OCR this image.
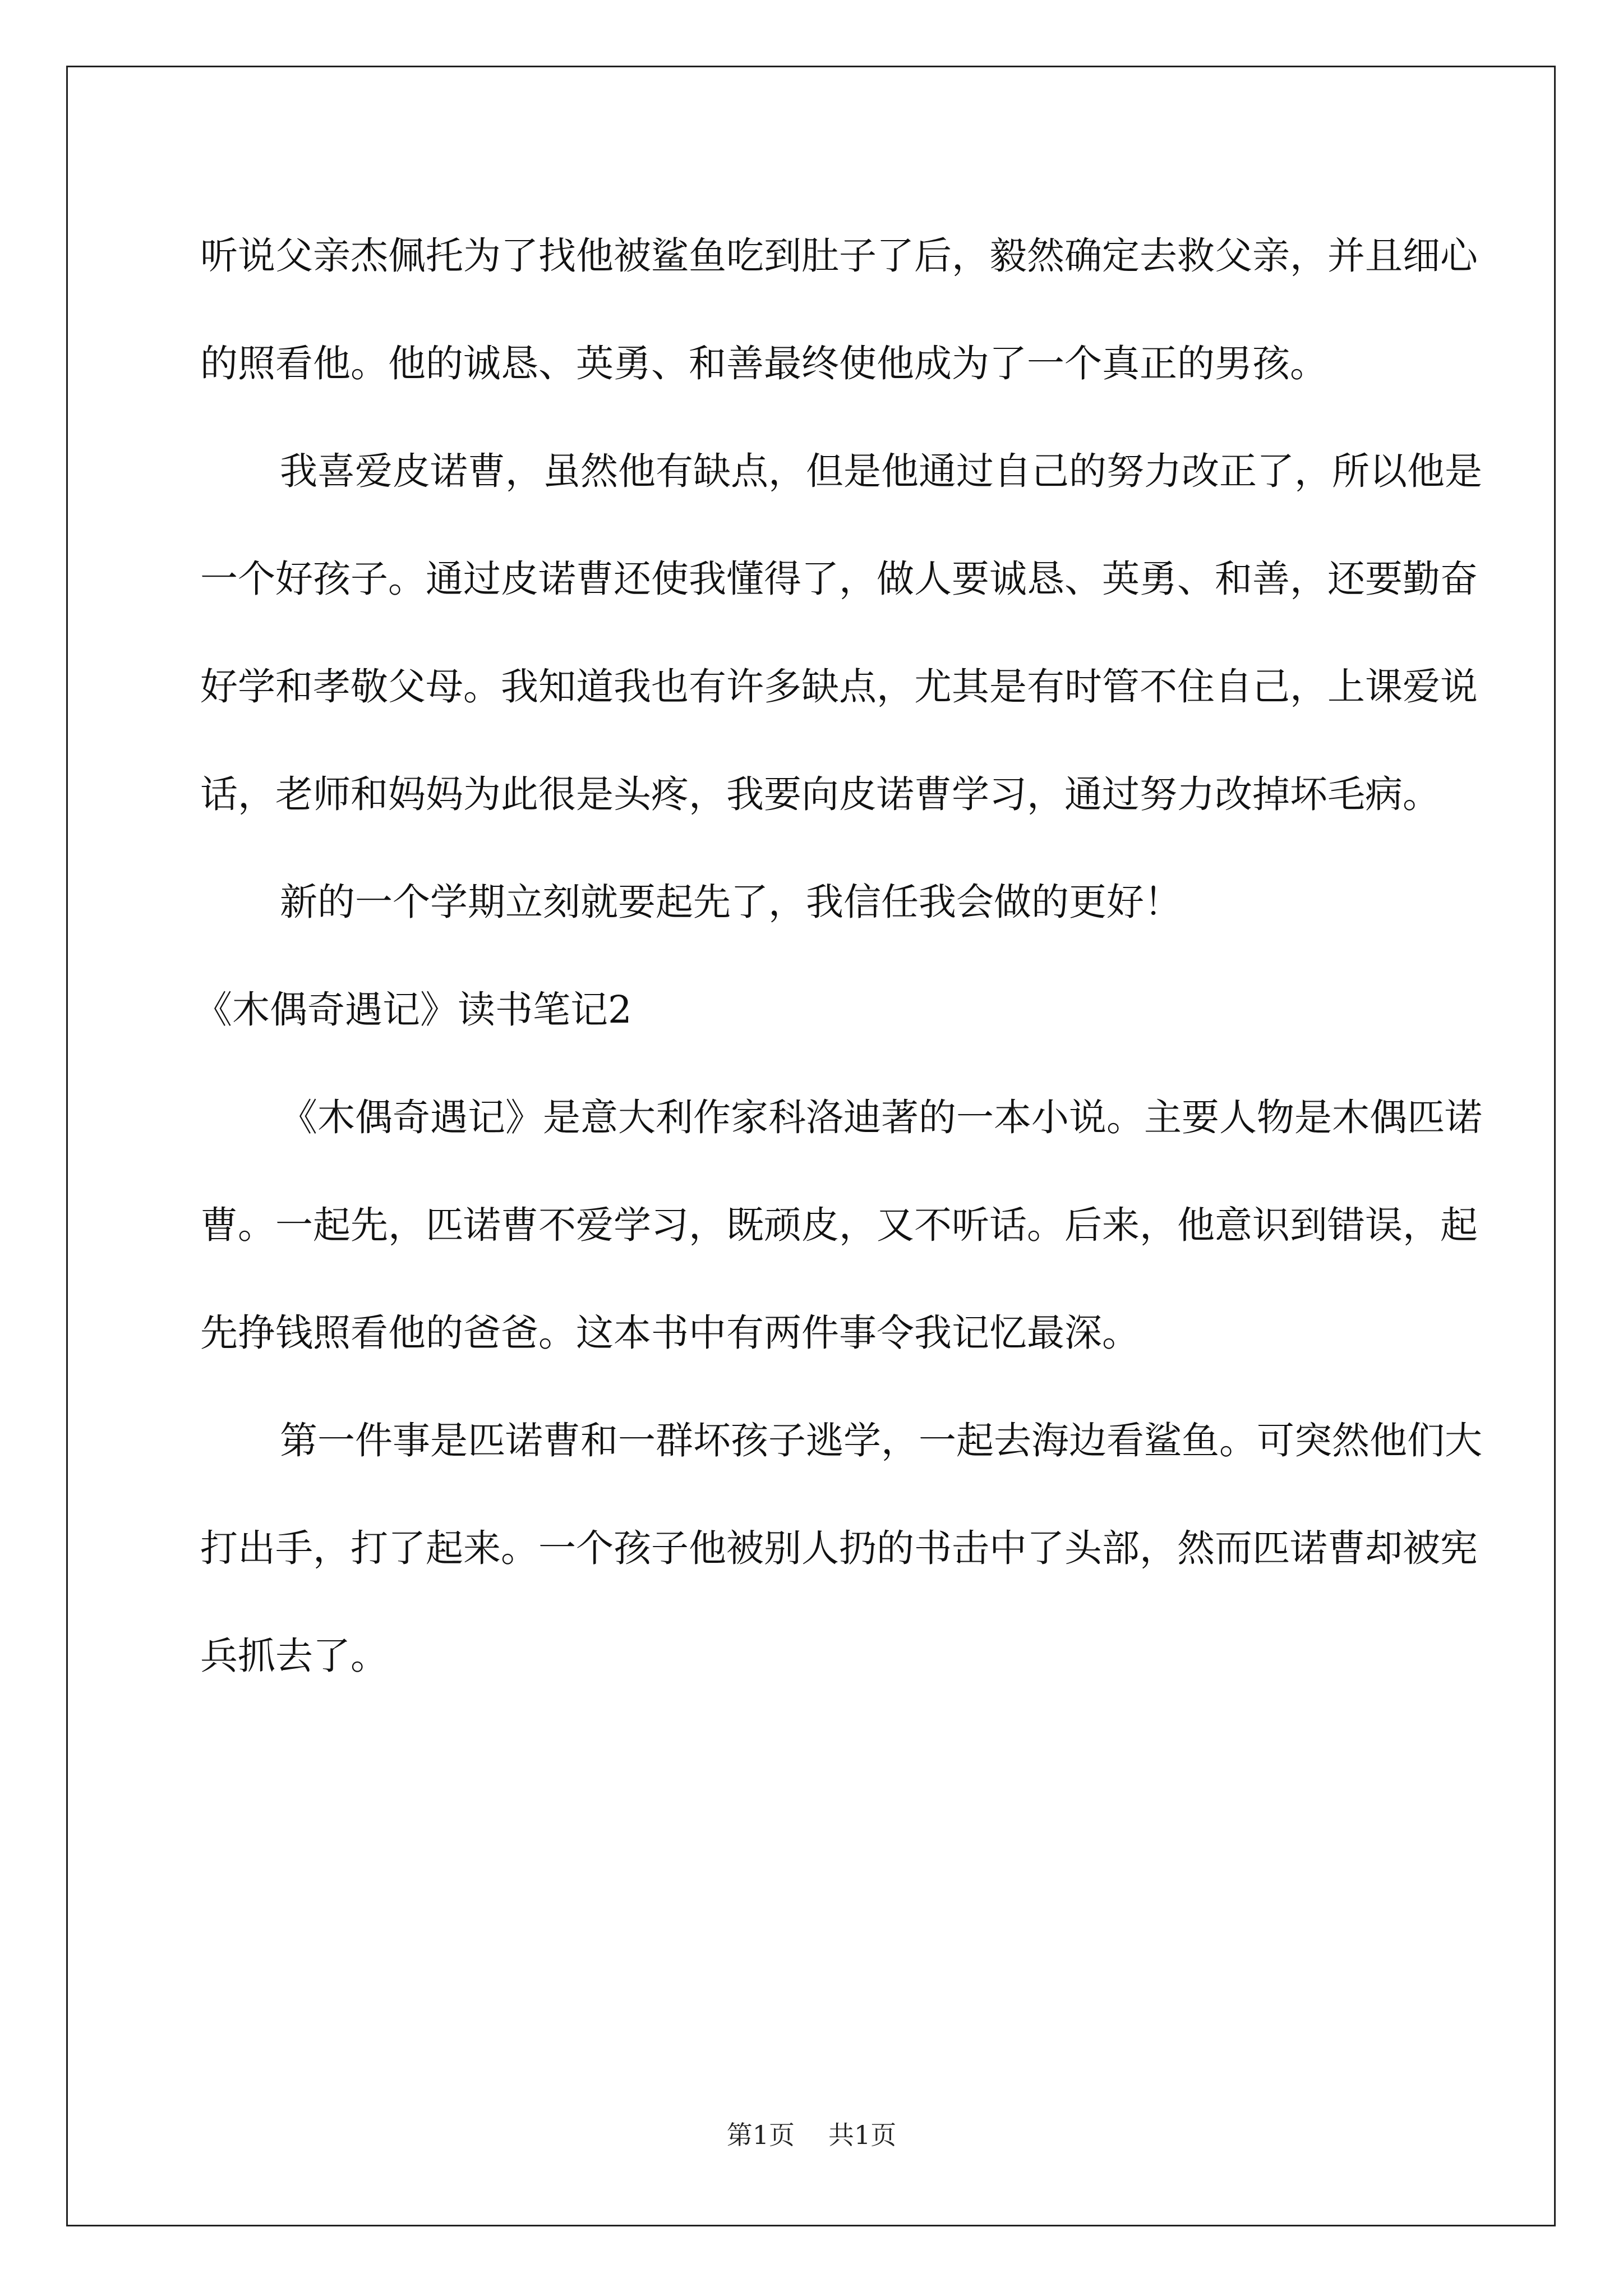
听说父亲杰佩托为了找他被鲨鱼吃到肚子了后，毅然确定去救父亲，并且细心的照看他。他的诚恳、英勇、和善最终使他成为了一个真正的男孩。

我喜爱皮诺曹，虽然他有缺点，但是他通过自己的努力改正了，所以他是一个好孩子。通过皮诺曹还使我懂得了，做人要诚恳、英勇、和善，还要勤奋好学和孝敬父母。我知道我也有许多缺点，尤其是有时管不住自己，上课爱说话，老师和妈妈为此很是头疼，我要向皮诺曹学习，通过努力改掉坏毛病。

新的一个学期立刻就要起先了，我信任我会做的更好！

《木偶奇遇记》读书笔记2

《木偶奇遇记》是意大利作家科洛迪著的一本小说。主要人物是木偶匹诺曹。一起先，匹诺曹不爱学习，既顽皮，又不听话。后来，他意识到错误，起先挣钱照看他的爸爸。这本书中有两件事令我记忆最深。

第一件事是匹诺曹和一群坏孩子逃学，一起去海边看鲨鱼。可突然他们大打出手，打了起来。一个孩子他被别人扔的书击中了头部，然而匹诺曹却被宪兵抓去了。

第1页 共1页
